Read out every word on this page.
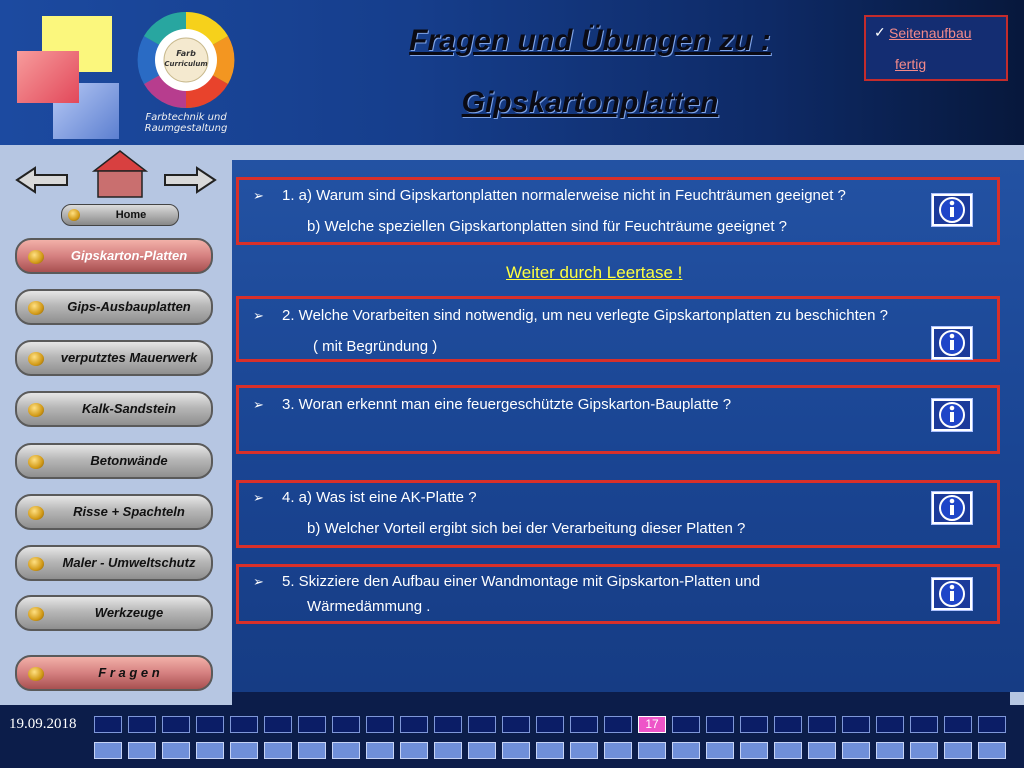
Farb
Curriculum
Farbtechnik und
Raumgestaltung
Fragen und Übungen zu :
Gipskartonplatten
✓ Seitenaufbau
fertig
Home
Gipskarton-Platten
Gips-Ausbauplatten
verputztes Mauerwerk
Kalk-Sandstein
Betonwände
Risse + Spachteln
Maler - Umweltschutz
Werkzeuge
F r a g e n
➢ 1. a) Warum sind Gipskartonplatten normalerweise nicht in Feuchträumen geeignet ?
b) Welche speziellen Gipskartonplatten sind für Feuchträume geeignet ?
➢ 2. Welche Vorarbeiten sind notwendig, um neu verlegte Gipskartonplatten zu beschichten ?
( mit Begründung )
➢ 3. Woran erkennt man eine feuergeschützte Gipskarton-Bauplatte ?
➢ 4. a) Was ist eine AK-Platte ?
b) Welcher Vorteil ergibt sich bei der Verarbeitung dieser Platten ?
➢ 5. Skizziere den Aufbau einer Wandmontage mit Gipskarton-Platten und
Wärmedämmung .
Weiter durch Leertase !
19.09.2018	17
